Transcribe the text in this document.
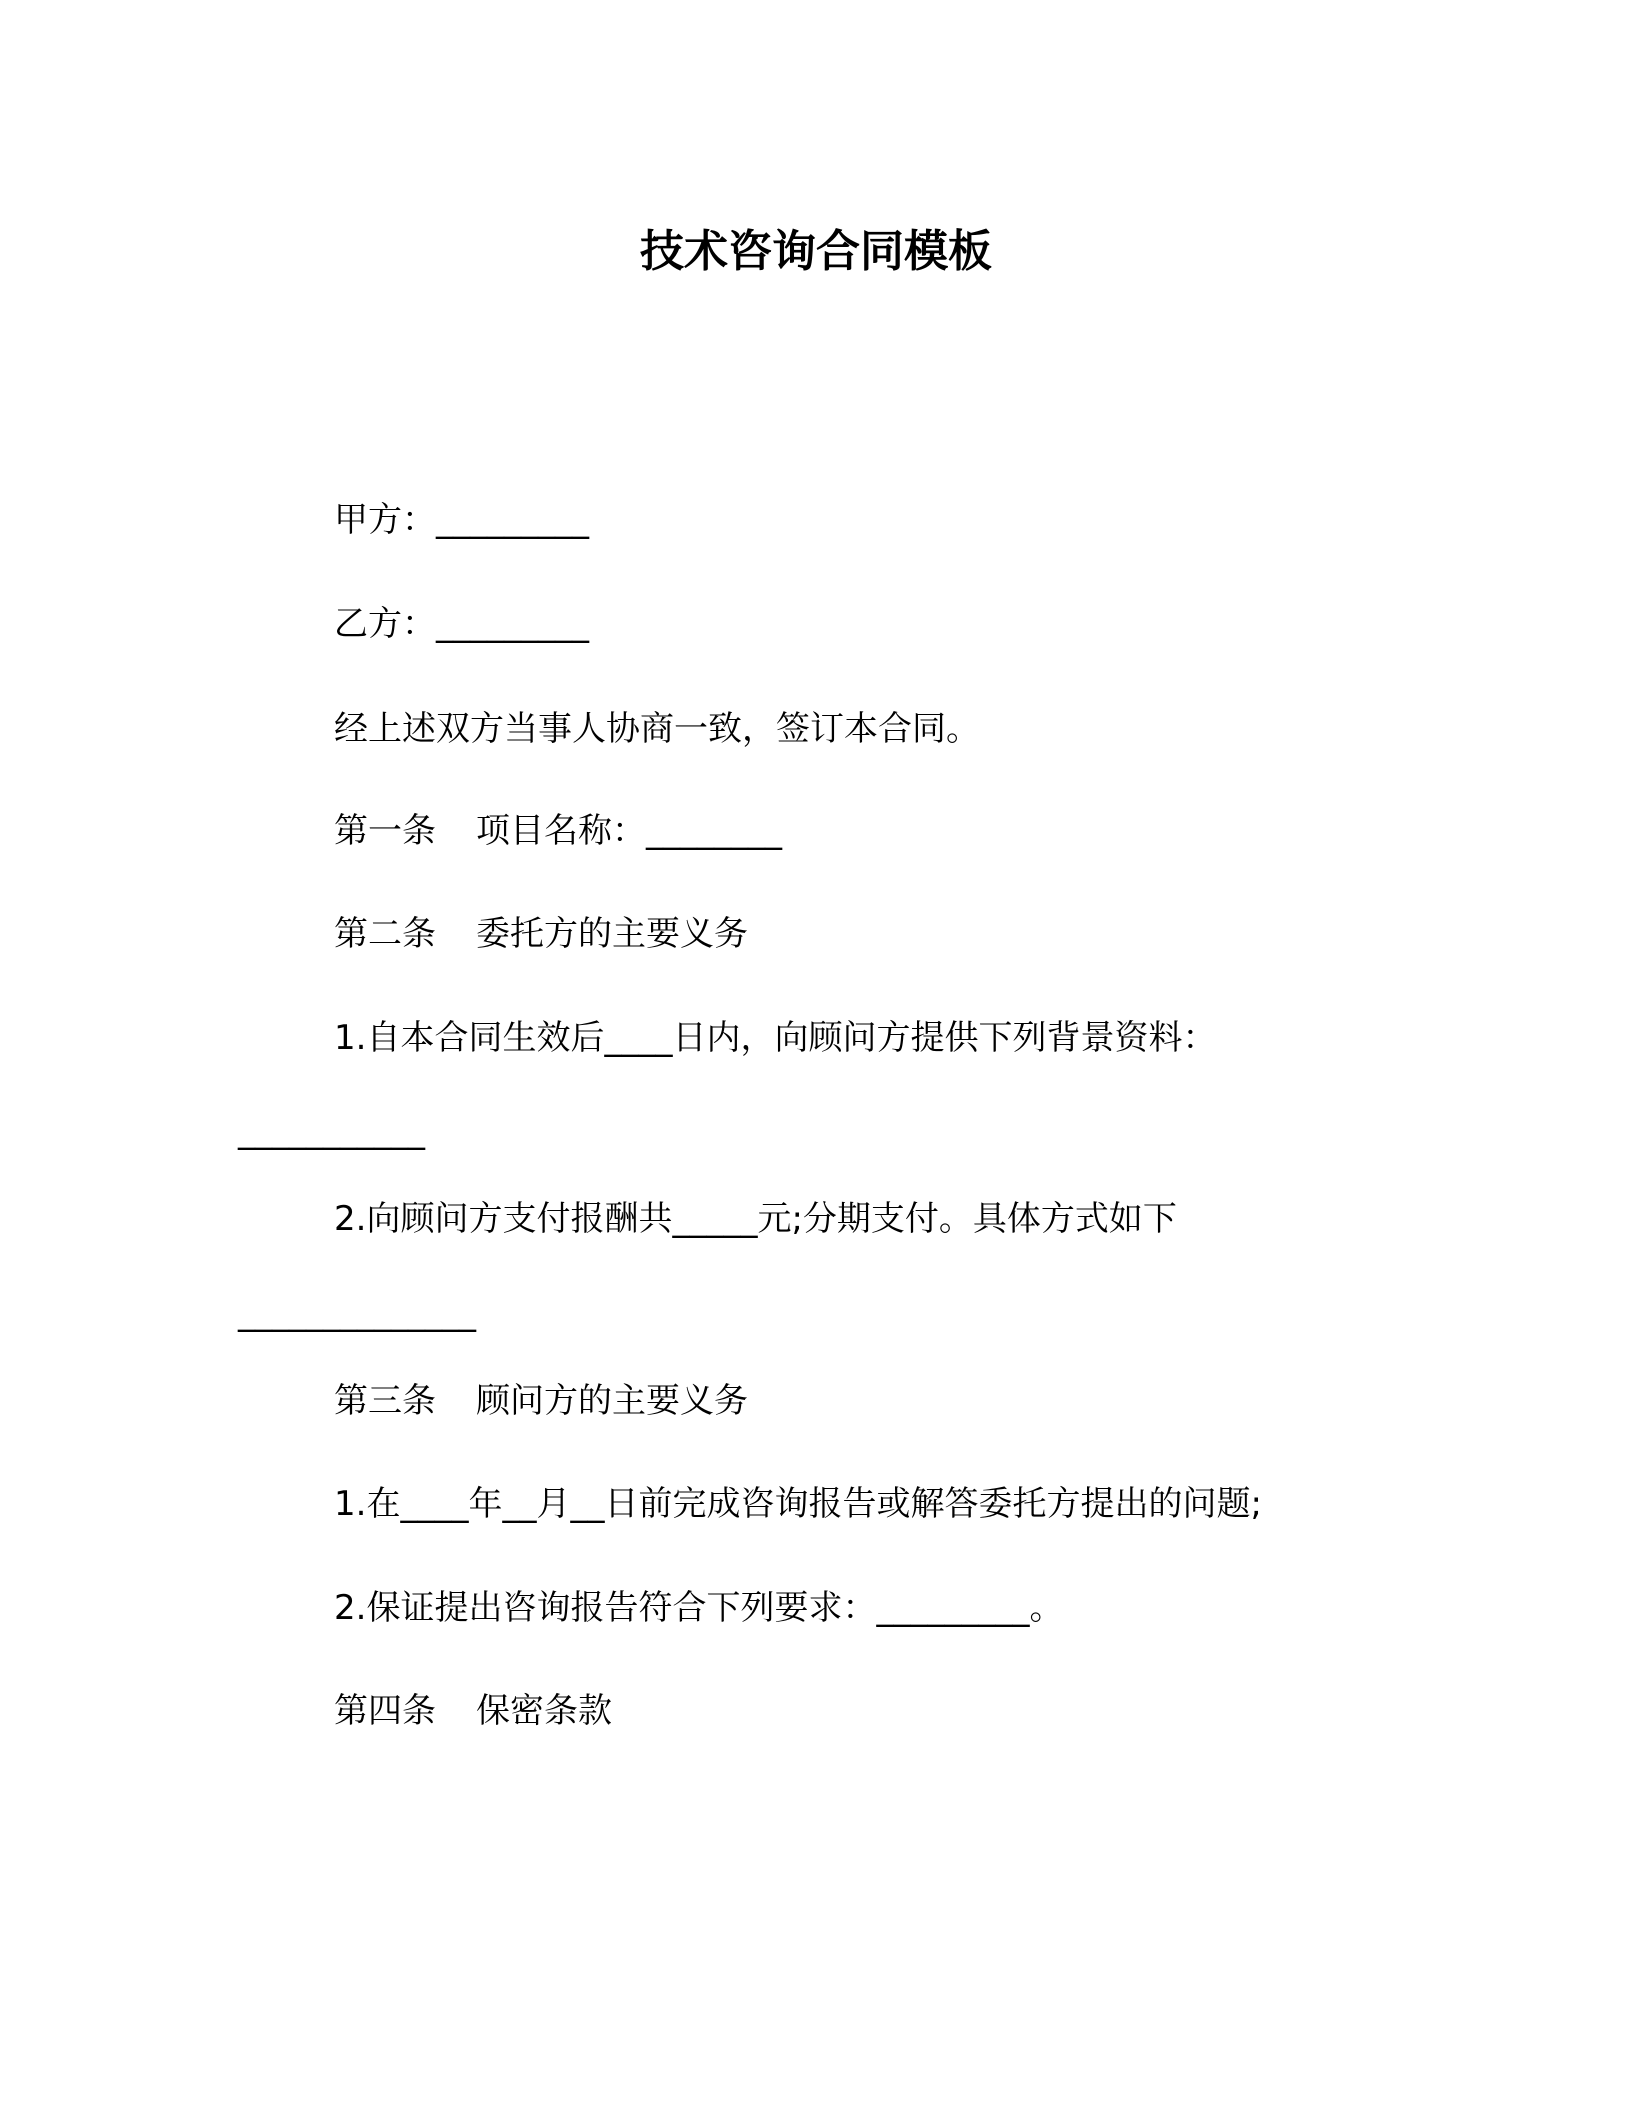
技术咨询合同模板
甲方：_________
乙方：_________
经上述双方当事人协商一致，签订本合同。
第一条 项目名称：________
第二条 委托方的主要义务
1.自本合同生效后____日内，向顾问方提供下列背景资料：
___________
2.向顾问方支付报酬共_____元;分期支付。具体方式如下
______________
第三条 顾问方的主要义务
1.在____年__月__日前完成咨询报告或解答委托方提出的问题;
2.保证提出咨询报告符合下列要求：_________。
第四条 保密条款
